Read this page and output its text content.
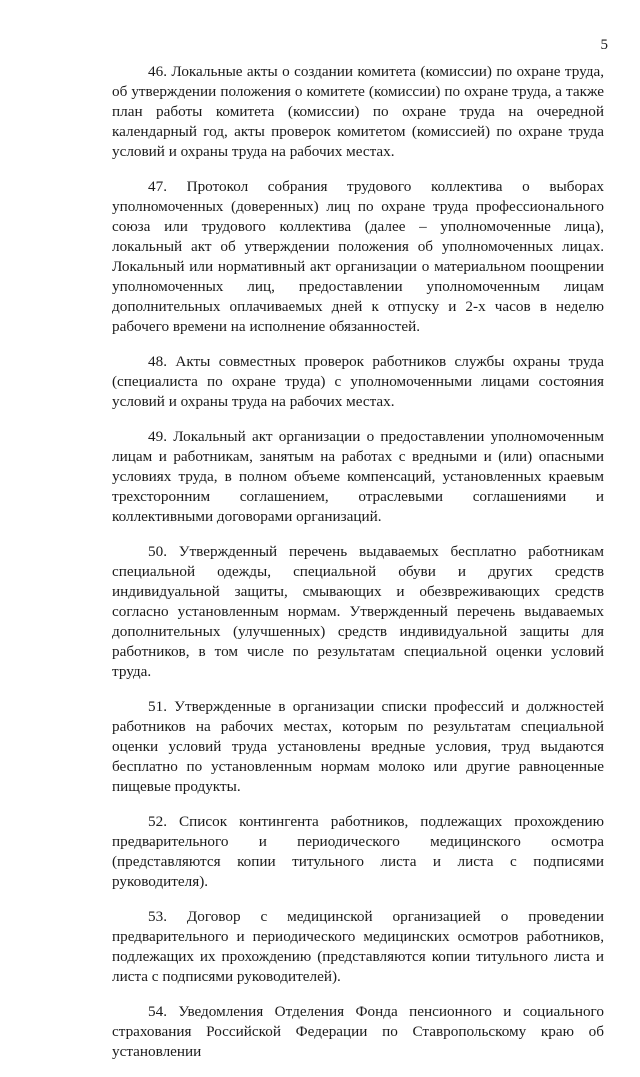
5

46. Локальные акты о создании комитета (комиссии) по охране труда, об утверждении положения о комитете (комиссии) по охране труда, а также план работы комитета (комиссии) по охране труда на очередной календарный год, акты проверок комитетом (комиссией) по охране труда условий и охраны труда на рабочих местах.

47. Протокол собрания трудового коллектива о выборах уполномоченных (доверенных) лиц по охране труда профессионального союза или трудового коллектива (далее – уполномоченные лица), локальный акт об утверждении положения об уполномоченных лицах. Локальный или нормативный акт организации о материальном поощрении уполномоченных лиц, предоставлении уполномоченным лицам дополнительных оплачиваемых дней к отпуску и 2-х часов в неделю рабочего времени на исполнение обязанностей.

48. Акты совместных проверок работников службы охраны труда (специалиста по охране труда) с уполномоченными лицами состояния условий и охраны труда на рабочих местах.

49. Локальный акт организации о предоставлении уполномоченным лицам и работникам, занятым на работах с вредными и (или) опасными условиях труда, в полном объеме компенсаций, установленных краевым трехсторонним соглашением, отраслевыми соглашениями и коллективными договорами организаций.

50. Утвержденный перечень выдаваемых бесплатно работникам специальной одежды, специальной обуви и других средств индивидуальной защиты, смывающих и обезвреживающих средств согласно установленным нормам. Утвержденный перечень выдаваемых дополнительных (улучшенных) средств индивидуальной защиты для работников, в том числе по результатам специальной оценки условий труда.

51. Утвержденные в организации списки профессий и должностей работников на рабочих местах, которым по результатам специальной оценки условий труда установлены вредные условия, труд выдаются бесплатно по установленным нормам молоко или другие равноценные пищевые продукты.

52. Список контингента работников, подлежащих прохождению предварительного и периодического медицинского осмотра (представляются копии титульного листа и листа с подписями руководителя).

53. Договор с медицинской организацией о проведении предварительного и периодического медицинских осмотров работников, подлежащих их прохождению (представляются копии титульного листа и листа с подписями руководителей).

54. Уведомления Отделения Фонда пенсионного и социального страхования Российской Федерации по Ставропольскому краю об установлении
